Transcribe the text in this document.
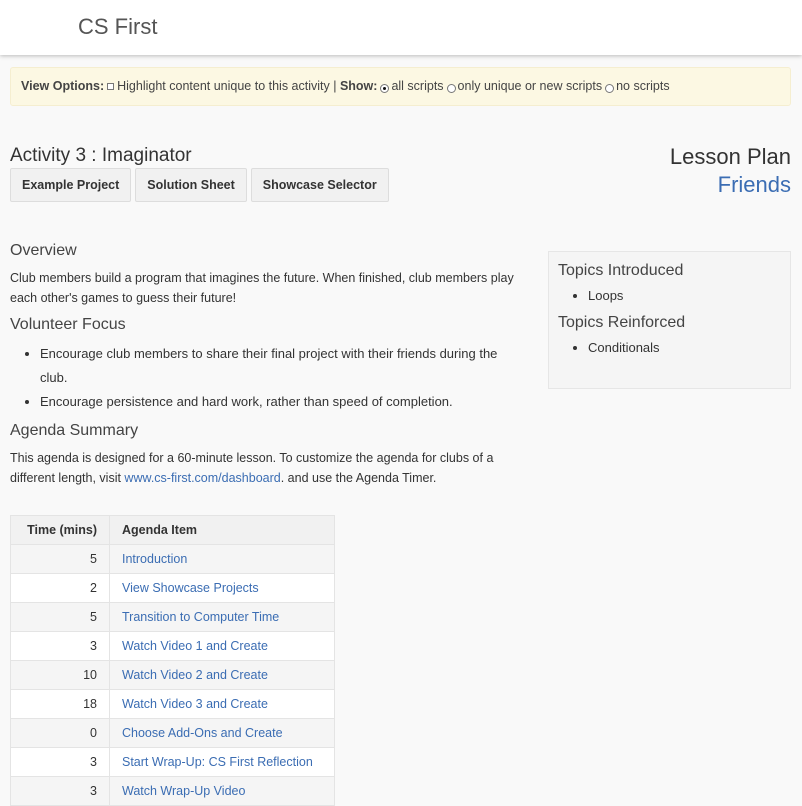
CS First
View Options: Highlight content unique to this activity | Show: all scripts only unique or new scripts no scripts
Activity 3 : Imaginator
Example Project	Solution Sheet	Showcase Selector
Lesson Plan
Friends
Overview

Club members build a program that imagines the future. When finished, club members play each other's games to guess their future!

Volunteer Focus
• Encourage club members to share their final project with their friends during the club.
• Encourage persistence and hard work, rather than speed of completion.
Agenda Summary

This agenda is designed for a 60-minute lesson. To customize the agenda for clubs of a different length, visit www.cs-first.com/dashboard. and use the Agenda Timer.

Topics Introduced
• Loops
Topics Reinforced
• Conditionals
Time (mins)	Agenda Item
5	Introduction
2	View Showcase Projects
5	Transition to Computer Time
3	Watch Video 1 and Create
10	Watch Video 2 and Create
18	Watch Video 3 and Create
0	Choose Add-Ons and Create
3	Start Wrap-Up: CS First Reflection
3	Watch Wrap-Up Video
